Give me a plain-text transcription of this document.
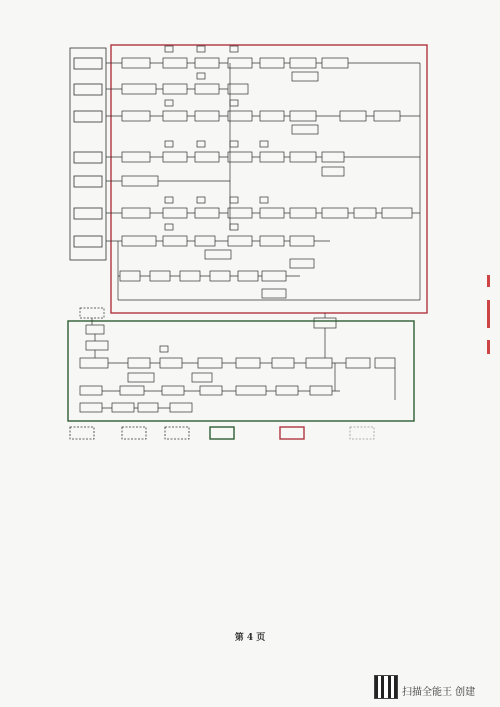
第 4 页
扫描全能王 创建
